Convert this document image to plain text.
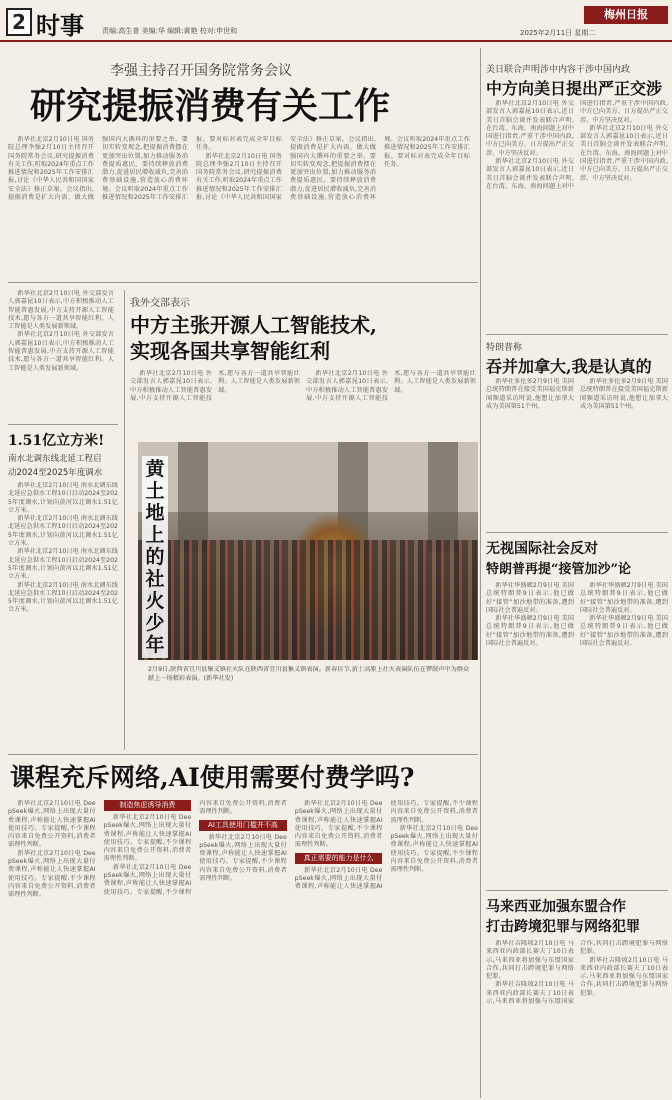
2 时事	责编:高生普 美编:华 编辑:黄艳 校对:申世和
梅州日报
2025年2月11日 星期二
李强主持召开国务院常务会议
研究提振消费有关工作

新华社北京2月10日电 国务院总理李强2月10日主持召开国务院常务会议,研究提振消费有关工作,听取2024年重点工作推进情况和2025年工作安排汇报,讨论《中华人民共和国国家安全法》修正草案。会议指出,提振消费是扩大内需、做大做强国内大循环的重要之举。要切实转变观念,把提振消费摆在更加突出位置,加力推动服务消费提质惠民。要持续释放消费潜力,促进居民增收减负,完善消费基础设施,营造放心消费环境。会议听取2024年重点工作推进情况和2025年工作安排汇报。要对标对表完成全年目标任务。

新华社北京2月10日电 国务院总理李强2月10日主持召开国务院常务会议,研究提振消费有关工作,听取2024年重点工作推进情况和2025年工作安排汇报,讨论《中华人民共和国国家安全法》修正草案。会议指出,提振消费是扩大内需、做大做强国内大循环的重要之举。要切实转变观念,把提振消费摆在更加突出位置,加力推动服务消费提质惠民。要持续释放消费潜力,促进居民增收减负,完善消费基础设施,营造放心消费环境。会议听取2024年重点工作推进情况和2025年工作安排汇报。要对标对表完成全年目标任务。

美日联合声明涉中内容干涉中国内政
中方向美日提出严正交涉

新华社北京2月10日电 外交部发言人郭嘉昆10日表示,近日美日首脑会谈并发表联合声明,在台湾、东海、南海问题上对中国进行指责,严重干涉中国内政,中方已向美方、日方提出严正交涉。中方坚决反对。

新华社北京2月10日电 外交部发言人郭嘉昆10日表示,近日美日首脑会谈并发表联合声明,在台湾、东海、南海问题上对中国进行指责,严重干涉中国内政,中方已向美方、日方提出严正交涉。中方坚决反对。

新华社北京2月10日电 外交部发言人郭嘉昆10日表示,近日美日首脑会谈并发表联合声明,在台湾、东海、南海问题上对中国进行指责,严重干涉中国内政,中方已向美方、日方提出严正交涉。中方坚决反对。

特朗普称
吞并加拿大,我是认真的

新华社多伦多2月9日电 美国总统特朗普在接受美国福克斯新闻频道采访时说,他想让加拿大成为美国第51个州。

新华社多伦多2月9日电 美国总统特朗普在接受美国福克斯新闻频道采访时说,他想让加拿大成为美国第51个州。

无视国际社会反对
特朗普再提“接管加沙”论

新华社华盛顿2月9日电 美国总统特朗普9日表示,他已做好“接管”加沙地带的准备,遭到国际社会普遍反对。

新华社华盛顿2月9日电 美国总统特朗普9日表示,他已做好“接管”加沙地带的准备,遭到国际社会普遍反对。

新华社华盛顿2月9日电 美国总统特朗普9日表示,他已做好“接管”加沙地带的准备,遭到国际社会普遍反对。

新华社华盛顿2月9日电 美国总统特朗普9日表示,他已做好“接管”加沙地带的准备,遭到国际社会普遍反对。

马来西亚加强东盟合作
打击跨境犯罪与网络犯罪

新华社吉隆坡2月10日电 马来西亚内政部长赛夫丁10日表示,马来西亚将加强与东盟国家合作,共同打击跨境犯罪与网络犯罪。

新华社吉隆坡2月10日电 马来西亚内政部长赛夫丁10日表示,马来西亚将加强与东盟国家合作,共同打击跨境犯罪与网络犯罪。

新华社吉隆坡2月10日电 马来西亚内政部长赛夫丁10日表示,马来西亚将加强与东盟国家合作,共同打击跨境犯罪与网络犯罪。

新华社北京2月10日电 外交部发言人郭嘉昆10日表示,中方积极推动人工智能普惠发展,中方支持开源人工智能技术,愿与各方一道共享智能红利。人工智能是人类发展新领域。

新华社北京2月10日电 外交部发言人郭嘉昆10日表示,中方积极推动人工智能普惠发展,中方支持开源人工智能技术,愿与各方一道共享智能红利。人工智能是人类发展新领域。

1.51亿立方米!
南水北调东线北延工程启
动2024至2025年度调水

新华社北京2月10日电 南水北调东线北延应急供水工程10日启动2024至2025年度调水,计划向黄河以北调水1.51亿立方米。

新华社北京2月10日电 南水北调东线北延应急供水工程10日启动2024至2025年度调水,计划向黄河以北调水1.51亿立方米。

新华社北京2月10日电 南水北调东线北延应急供水工程10日启动2024至2025年度调水,计划向黄河以北调水1.51亿立方米。

新华社北京2月10日电 南水北调东线北延应急供水工程10日启动2024至2025年度调水,计划向黄河以北调水1.51亿立方米。

我外交部表示
中方主张开源人工智能技术,
实现各国共享智能红利

新华社北京2月10日电 外交部发言人郭嘉昆10日表示,中方积极推动人工智能普惠发展,中方支持开源人工智能技术,愿与各方一道共享智能红利。人工智能是人类发展新领域。

新华社北京2月10日电 外交部发言人郭嘉昆10日表示,中方积极推动人工智能普惠发展,中方支持开源人工智能技术,愿与各方一道共享智能红利。人工智能是人类发展新领域。

黄土地上的社火少年
2月9日,陕西省宜川县集义镇社火队在陕西省宜川县集义镇表演。新春佳节,黄土高原上社火表演队伍在锣鼓声中为群众献上一场精彩表演。(新华社发)
课程充斥网络,AI使用需要付费学吗?

新华社北京2月10日电 DeepSeek爆火,网络上出现大量付费课程,声称能让人快速掌握AI使用技巧。专家提醒,不少课程内容来自免费公开资料,消费者需理性判断。

新华社北京2月10日电 DeepSeek爆火,网络上出现大量付费课程,声称能让人快速掌握AI使用技巧。专家提醒,不少课程内容来自免费公开资料,消费者需理性判断。

制造焦虑诱导消费

新华社北京2月10日电 DeepSeek爆火,网络上出现大量付费课程,声称能让人快速掌握AI使用技巧。专家提醒,不少课程内容来自免费公开资料,消费者需理性判断。

新华社北京2月10日电 DeepSeek爆火,网络上出现大量付费课程,声称能让人快速掌握AI使用技巧。专家提醒,不少课程内容来自免费公开资料,消费者需理性判断。

AI工具使用门槛并不高

新华社北京2月10日电 DeepSeek爆火,网络上出现大量付费课程,声称能让人快速掌握AI使用技巧。专家提醒,不少课程内容来自免费公开资料,消费者需理性判断。

新华社北京2月10日电 DeepSeek爆火,网络上出现大量付费课程,声称能让人快速掌握AI使用技巧。专家提醒,不少课程内容来自免费公开资料,消费者需理性判断。

真正需要的能力是什么

新华社北京2月10日电 DeepSeek爆火,网络上出现大量付费课程,声称能让人快速掌握AI使用技巧。专家提醒,不少课程内容来自免费公开资料,消费者需理性判断。

新华社北京2月10日电 DeepSeek爆火,网络上出现大量付费课程,声称能让人快速掌握AI使用技巧。专家提醒,不少课程内容来自免费公开资料,消费者需理性判断。
